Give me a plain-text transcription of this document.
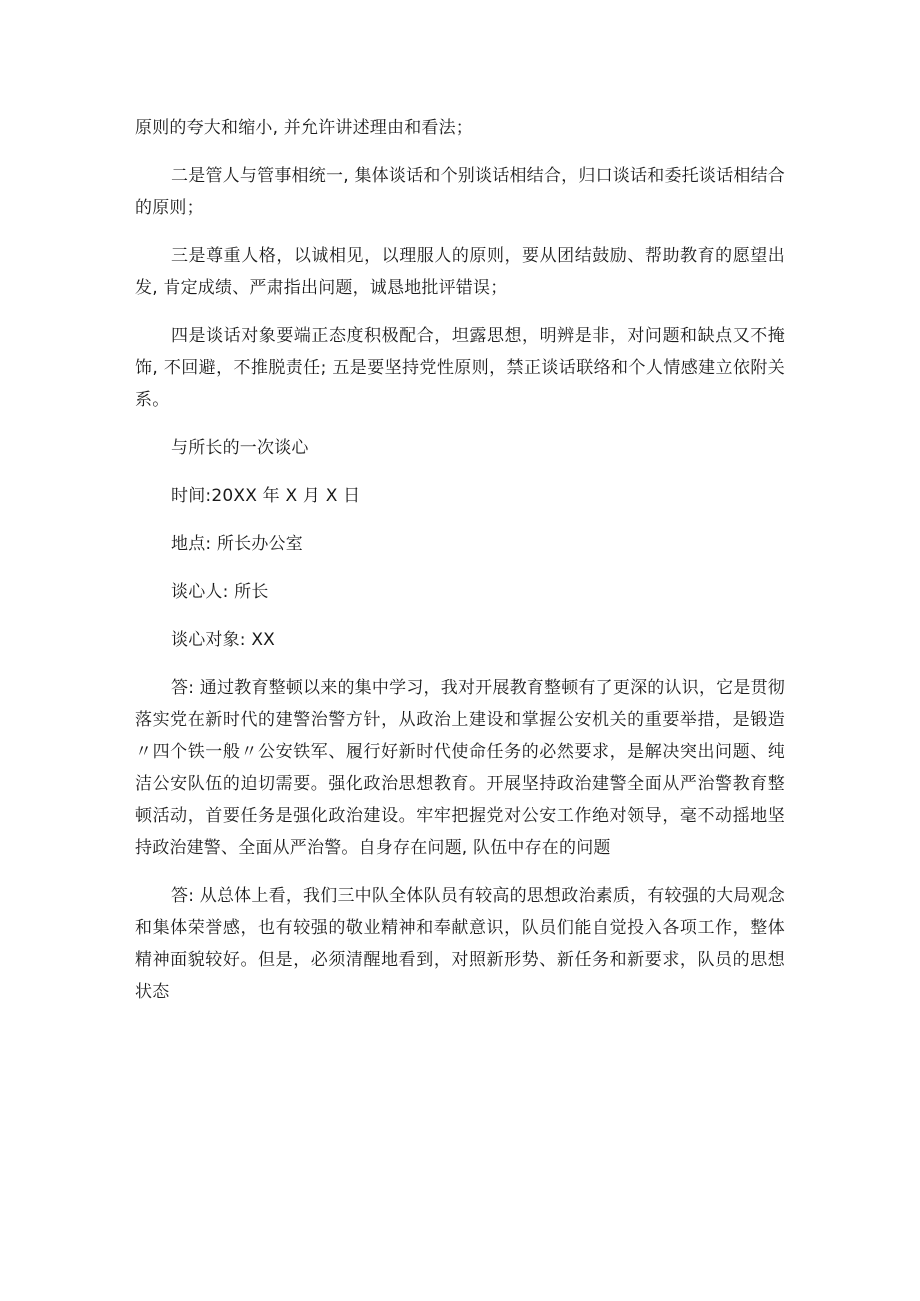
原则的夸大和缩小, 并允许讲述理由和看法；

二是管人与管事相统一, 集体谈话和个别谈话相结合，归口谈话和委托谈话相结合的原则；

三是尊重人格，以诚相见，以理服人的原则，要从团结鼓励、帮助教育的愿望出发, 肯定成绩、严肃指出问题，诚恳地批评错误；

四是谈话对象要端正态度积极配合，坦露思想，明辨是非，对问题和缺点又不掩饰, 不回避，不推脱责任; 五是要坚持党性原则，禁正谈话联络和个人情感建立依附关系。

与所长的一次谈心

时间:20XX 年 X 月 X 日

地点: 所长办公室

谈心人: 所长

谈心对象: XX

答: 通过教育整顿以来的集中学习，我对开展教育整顿有了更深的认识，它是贯彻落实党在新时代的建警治警方针，从政治上建设和掌握公安机关的重要举措，是锻造〃四个铁一般〃公安铁军、履行好新时代使命任务的必然要求，是解决突出问题、纯洁公安队伍的迫切需要。强化政治思想教育。开展坚持政治建警全面从严治警教育整顿活动，首要任务是强化政治建设。牢牢把握党对公安工作绝对领导，毫不动摇地坚持政治建警、全面从严治警。自身存在问题, 队伍中存在的问题

答: 从总体上看，我们三中队全体队员有较高的思想政治素质，有较强的大局观念和集体荣誉感，也有较强的敬业精神和奉献意识，队员们能自觉投入各项工作，整体精神面貌较好。但是，必须清醒地看到，对照新形势、新任务和新要求，队员的思想状态
